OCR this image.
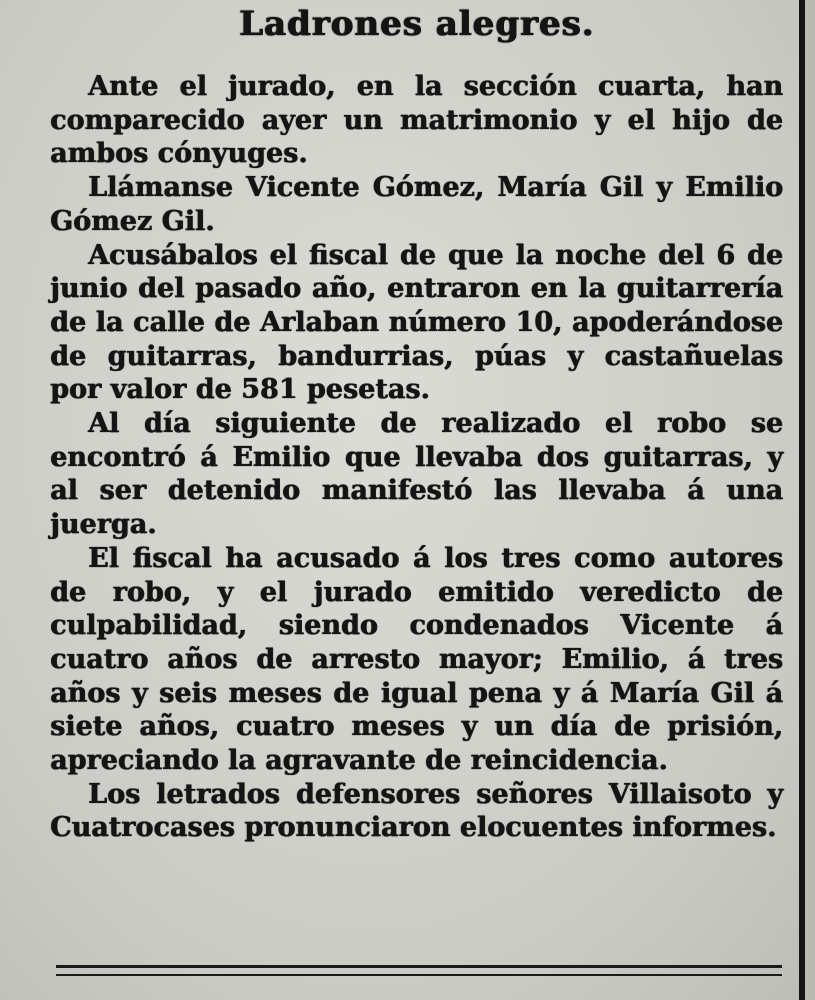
Ladrones alegres.

Ante el jurado, en la sección cuarta, han comparecido ayer un matrimonio y el hijo de ambos cónyuges.

Llámanse Vicente Gómez, María Gil y Emilio Gómez Gil.

Acusábalos el fiscal de que la noche del 6 de junio del pasado año, entraron en la guitarrería de la calle de Arlaban número 10, apoderándose de guitarras, bandurrias, púas y castañuelas por valor de 581 pesetas.

Al día siguiente de realizado el robo se encontró á Emilio que llevaba dos guitarras, y al ser detenido manifestó las llevaba á una juerga.

El fiscal ha acusado á los tres como autores de robo, y el jurado emitido veredicto de culpabilidad, siendo condenados Vicente á cuatro años de arresto mayor; Emilio, á tres años y seis meses de igual pena y á María Gil á siete años, cuatro meses y un día de prisión, apreciando la agravante de reincidencia.

Los letrados defensores señores Villaisoto y Cuatrocases pronunciaron elocuentes informes.
